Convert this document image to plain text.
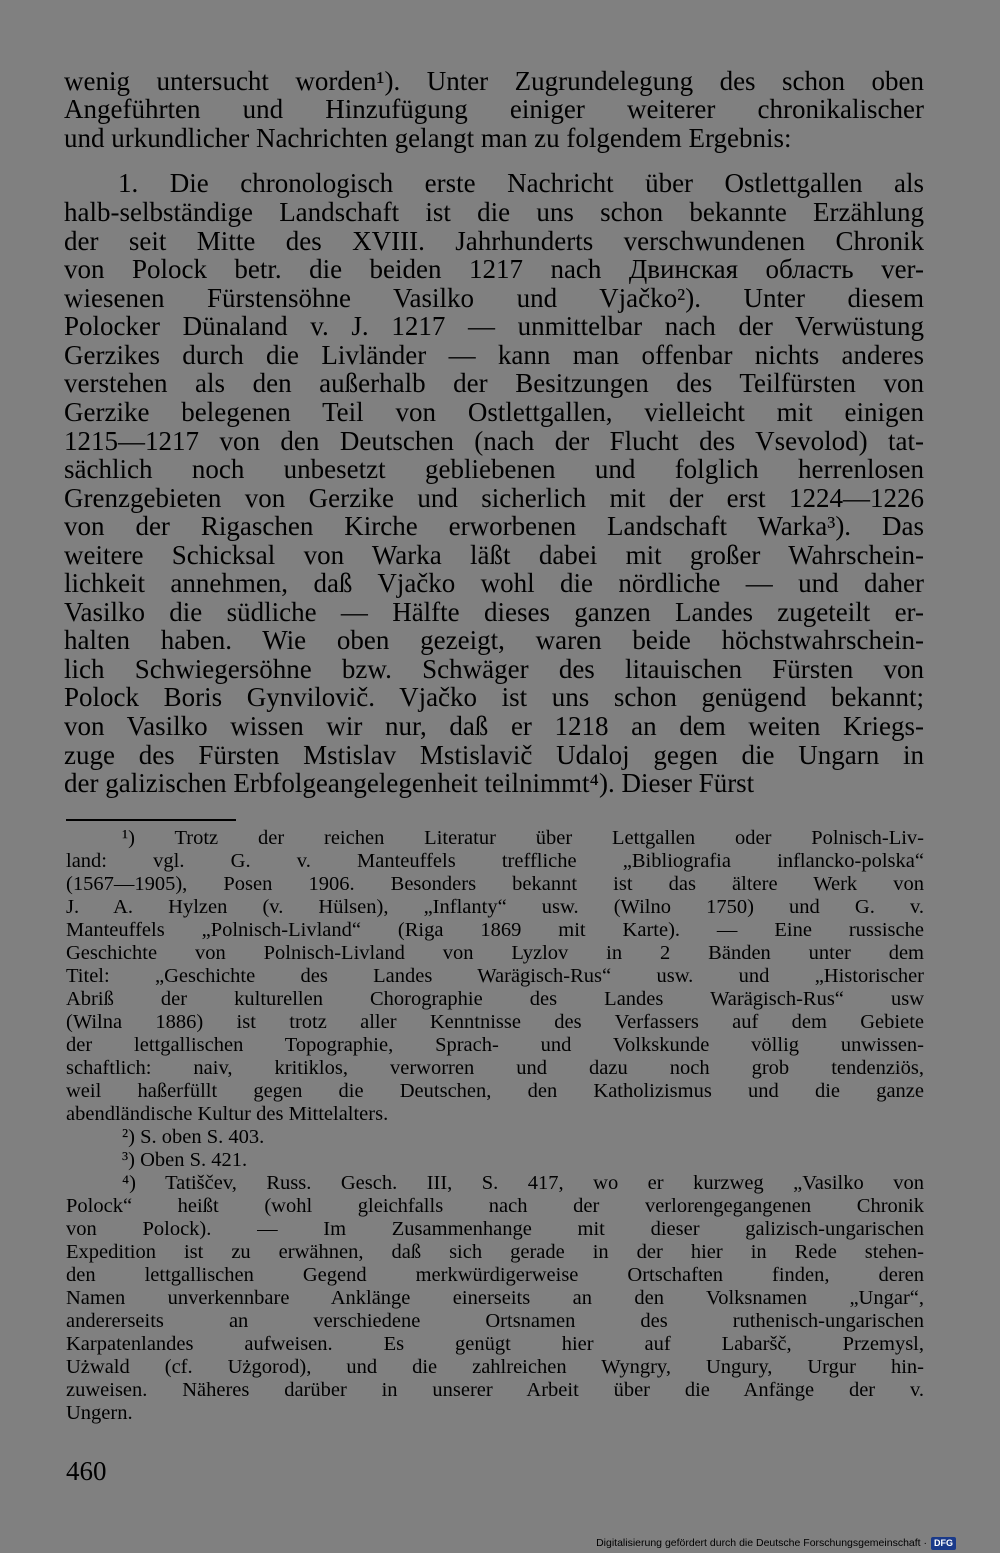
wenig untersucht worden¹). Unter Zugrundelegung des schon oben
Angeführten und Hinzufügung einiger weiterer chronikalischer
und urkundlicher Nachrichten gelangt man zu folgendem Ergebnis:
1. Die chronologisch erste Nachricht über Ostlettgallen als
halb-selbständige Landschaft ist die uns schon bekannte Erzählung
der seit Mitte des XVIII. Jahrhunderts verschwundenen Chronik
von Polock betr. die beiden 1217 nach Двинская область ver-
wiesenen Fürstensöhne Vasilko und Vjačko²). Unter diesem
Polocker Dünaland v. J. 1217 — unmittelbar nach der Verwüstung
Gerzikes durch die Livländer — kann man offenbar nichts anderes
verstehen als den außerhalb der Besitzungen des Teilfürsten von
Gerzike belegenen Teil von Ostlettgallen, vielleicht mit einigen
1215—1217 von den Deutschen (nach der Flucht des Vsevolod) tat-
sächlich noch unbesetzt gebliebenen und folglich herrenlosen
Grenzgebieten von Gerzike und sicherlich mit der erst 1224—1226
von der Rigaschen Kirche erworbenen Landschaft Warka³). Das
weitere Schicksal von Warka läßt dabei mit großer Wahrschein-
lichkeit annehmen, daß Vjačko wohl die nördliche — und daher
Vasilko die südliche — Hälfte dieses ganzen Landes zugeteilt er-
halten haben. Wie oben gezeigt, waren beide höchstwahrschein-
lich Schwiegersöhne bzw. Schwäger des litauischen Fürsten von
Polock Boris Gynvilovič. Vjačko ist uns schon genügend bekannt;
von Vasilko wissen wir nur, daß er 1218 an dem weiten Kriegs-
zuge des Fürsten Mstislav Mstislavič Udaloj gegen die Ungarn in
der galizischen Erbfolgeangelegenheit teilnimmt⁴). Dieser Fürst
¹) Trotz der reichen Literatur über Lettgallen oder Polnisch-Liv-
land: vgl. G. v. Manteuffels treffliche „Bibliografia inflancko-polska“
(1567—1905), Posen 1906. Besonders bekannt ist das ältere Werk von
J. A. Hylzen (v. Hülsen), „Inflanty“ usw. (Wilno 1750) und G. v.
Manteuffels „Polnisch-Livland“ (Riga 1869 mit Karte). — Eine russische
Geschichte von Polnisch-Livland von Lyzlov in 2 Bänden unter dem
Titel: „Geschichte des Landes Warägisch-Rus“ usw. und „Historischer
Abriß der kulturellen Chorographie des Landes Warägisch-Rus“ usw
(Wilna 1886) ist trotz aller Kenntnisse des Verfassers auf dem Gebiete
der lettgallischen Topographie, Sprach- und Volkskunde völlig unwissen-
schaftlich: naiv, kritiklos, verworren und dazu noch grob tendenziös,
weil haßerfüllt gegen die Deutschen, den Katholizismus und die ganze
abendländische Kultur des Mittelalters.
²) S. oben S. 403.
³) Oben S. 421.
⁴) Tatiščev, Russ. Gesch. III, S. 417, wo er kurzweg „Vasilko von
Polock“ heißt (wohl gleichfalls nach der verlorengegangenen Chronik
von Polock). — Im Zusammenhange mit dieser galizisch-ungarischen
Expedition ist zu erwähnen, daß sich gerade in der hier in Rede stehen-
den lettgallischen Gegend merkwürdigerweise Ortschaften finden, deren
Namen unverkennbare Anklänge einerseits an den Volksnamen „Ungar“,
andererseits an verschiedene Ortsnamen des ruthenisch-ungarischen
Karpatenlandes aufweisen. Es genügt hier auf Labaršč, Przemysl,
Użwald (cf. Użgorod), und die zahlreichen Wyngry, Ungury, Urgur hin-
zuweisen. Näheres darüber in unserer Arbeit über die Anfänge der v.
Ungern.
460
Digitalisierung gefördert durch die Deutsche Forschungsgemeinschaft · DFG
